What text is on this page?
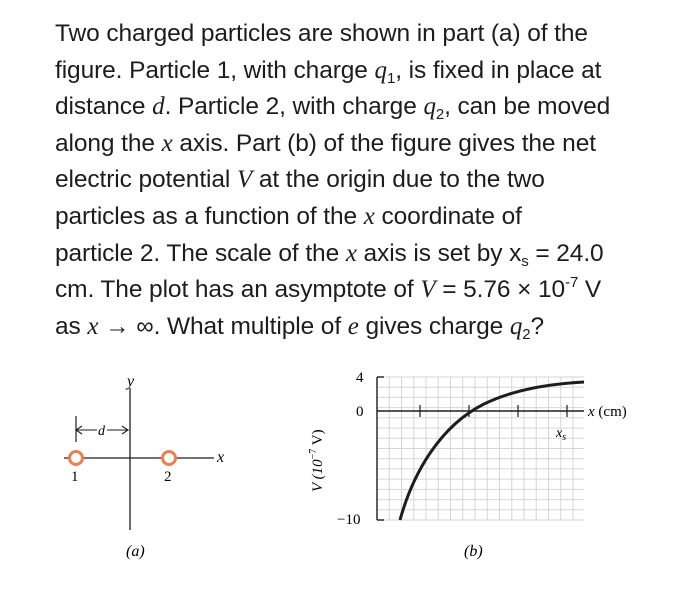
Two charged particles are shown in part (a) of the
figure. Particle 1, with charge $q_1$, is fixed in place at
distance d. Particle 2, with charge $q_2$, can be moved
along the x axis. Part (b) of the figure gives the net
electric potential V at the origin due to the two
particles as a function of the x coordinate of
particle 2. The scale of the x axis is set by $x_s = 24.0$
cm. The plot has an asymptote of $V = 5.76 \times 10^{-7}$ V
as x → ∞. What multiple of e gives charge $q_2$?

y
x
d
1	2
(a)
4
0
−10
V ($10^{-7}$ V)
x (cm)
$x_s$
(b)
